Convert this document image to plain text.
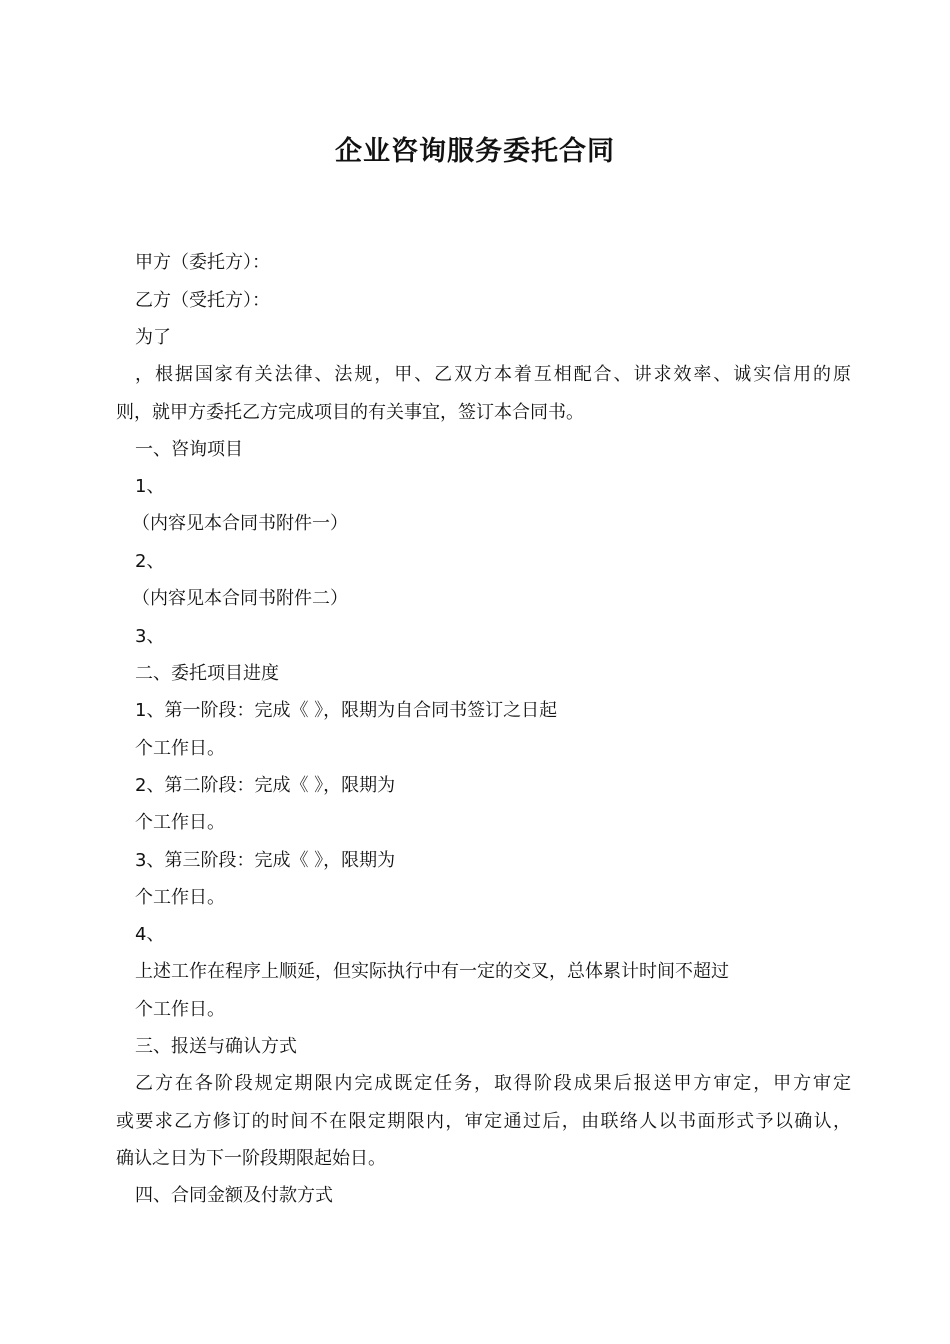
企业咨询服务委托合同
甲方（委托方）：
乙方（受托方）：
为了
，根据国家有关法律、法规，甲、乙双方本着互相配合、讲求效率、诚实信用的原
则，就甲方委托乙方完成项目的有关事宜，签订本合同书。
一、咨询项目
1、
（内容见本合同书附件一）
2、
（内容见本合同书附件二）
3、
二、委托项目进度
1、第一阶段：完成《 》，限期为自合同书签订之日起
个工作日。
2、第二阶段：完成《 》，限期为
个工作日。
3、第三阶段：完成《 》，限期为
个工作日。
4、
上述工作在程序上顺延，但实际执行中有一定的交叉，总体累计时间不超过
个工作日。
三、报送与确认方式
乙方在各阶段规定期限内完成既定任务，取得阶段成果后报送甲方审定，甲方审定
或要求乙方修订的时间不在限定期限内，审定通过后，由联络人以书面形式予以确认，
确认之日为下一阶段期限起始日。
四、合同金额及付款方式
